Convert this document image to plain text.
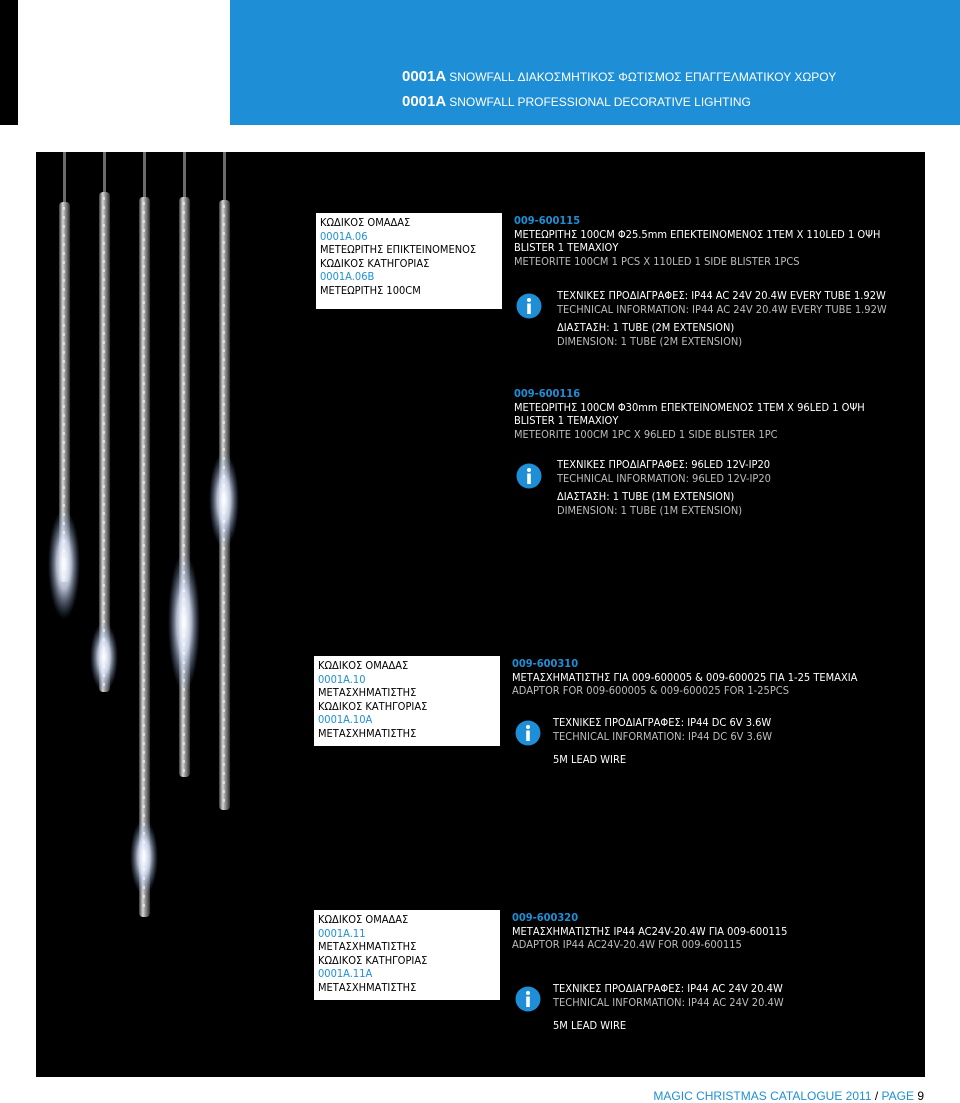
ΚΩΔΙΚΟΣ ΟΙΚΟΓΕΝΕΙΑΣ
FAMILY CODE
0001A SNOWFALL ΔΙΑΚΟΣΜΗΤΙΚΟΣ ΦΩΤΙΣΜΟΣ ΕΠΑΓΓΕΛΜΑΤΙΚΟΥ ΧΩΡΟΥ
0001A SNOWFALL PROFESSIONAL DECORATIVE LIGHTING
ΚΩΔΙΚΟΣ ΟΜΑΔΑΣ
0001A.06
ΜΕΤΕΩΡΙΤΗΣ ΕΠΙΚΤΕΙΝΟΜΕΝΟΣ
ΚΩΔΙΚΟΣ ΚΑΤΗΓΟΡΙΑΣ
0001A.06B
ΜΕΤΕΩΡΙΤΗΣ 100CM
ΚΩΔΙΚΟΣ ΟΜΑΔΑΣ
0001A.10
ΜΕΤΑΣΧΗΜΑΤΙΣΤΗΣ
ΚΩΔΙΚΟΣ ΚΑΤΗΓΟΡΙΑΣ
0001A.10A
ΜΕΤΑΣΧΗΜΑΤΙΣΤΗΣ
ΚΩΔΙΚΟΣ ΟΜΑΔΑΣ
0001A.11
ΜΕΤΑΣΧΗΜΑΤΙΣΤΗΣ
ΚΩΔΙΚΟΣ ΚΑΤΗΓΟΡΙΑΣ
0001A.11A
ΜΕΤΑΣΧΗΜΑΤΙΣΤΗΣ
009-600115
ΜΕΤΕΩΡΙΤΗΣ 100CM Φ25.5mm ΕΠΕΚΤΕΙΝΟΜΕΝΟΣ 1ΤΕΜ Χ 110LED 1 ΟΨΗ
BLISTER 1 ΤΕΜΑΧΙΟΥ
METEORITE 100CM 1 PCS X 110LED 1 SIDE BLISTER 1PCS
ΤΕΧΝΙΚΕΣ ΠΡΟΔΙΑΓΡΑΦΕΣ: IP44 AC 24V 20.4W EVERY TUBE 1.92W
TECHNICAL INFORMATION: IP44 AC 24V 20.4W EVERY TUBE 1.92W
ΔΙΑΣΤΑΣΗ: 1 TUBE (2M EXTENSION)
DIMENSION: 1 TUBE (2M EXTENSION)
009-600116
ΜΕΤΕΩΡΙΤΗΣ 100CM Φ30mm ΕΠΕΚΤΕΙΝΟΜΕΝΟΣ 1ΤΕΜ Χ 96LED 1 ΟΨΗ
BLISTER 1 ΤΕΜΑΧΙΟΥ
METEORITE 100CM 1PC X 96LED 1 SIDE BLISTER 1PC
ΤΕΧΝΙΚΕΣ ΠΡΟΔΙΑΓΡΑΦΕΣ: 96LED 12V-IP20
TECHNICAL INFORMATION: 96LED 12V-IP20
ΔΙΑΣΤΑΣΗ: 1 TUBE (1M EXTENSION)
DIMENSION: 1 TUBE (1M EXTENSION)
009-600310
ΜΕΤΑΣΧΗΜΑΤΙΣΤΗΣ ΓΙΑ 009-600005 & 009-600025 ΓΙΑ 1-25 ΤΕΜΑΧΙΑ
ADAPTOR FOR 009-600005 & 009-600025 FOR 1-25PCS
ΤΕΧΝΙΚΕΣ ΠΡΟΔΙΑΓΡΑΦΕΣ: IP44 DC 6V 3.6W
TECHNICAL INFORMATION: IP44 DC 6V 3.6W
5M LEAD WIRE
009-600320
ΜΕΤΑΣΧΗΜΑΤΙΣΤΗΣ IP44 AC24V-20.4W ΓΙΑ 009-600115
ADAPTOR IP44 AC24V-20.4W FOR 009-600115
ΤΕΧΝΙΚΕΣ ΠΡΟΔΙΑΓΡΑΦΕΣ: IP44 AC 24V 20.4W
TECHNICAL INFORMATION: IP44 AC 24V 20.4W
5M LEAD WIRE
MAGIC CHRISTMAS CATALOGUE 2011 / PAGE 9
